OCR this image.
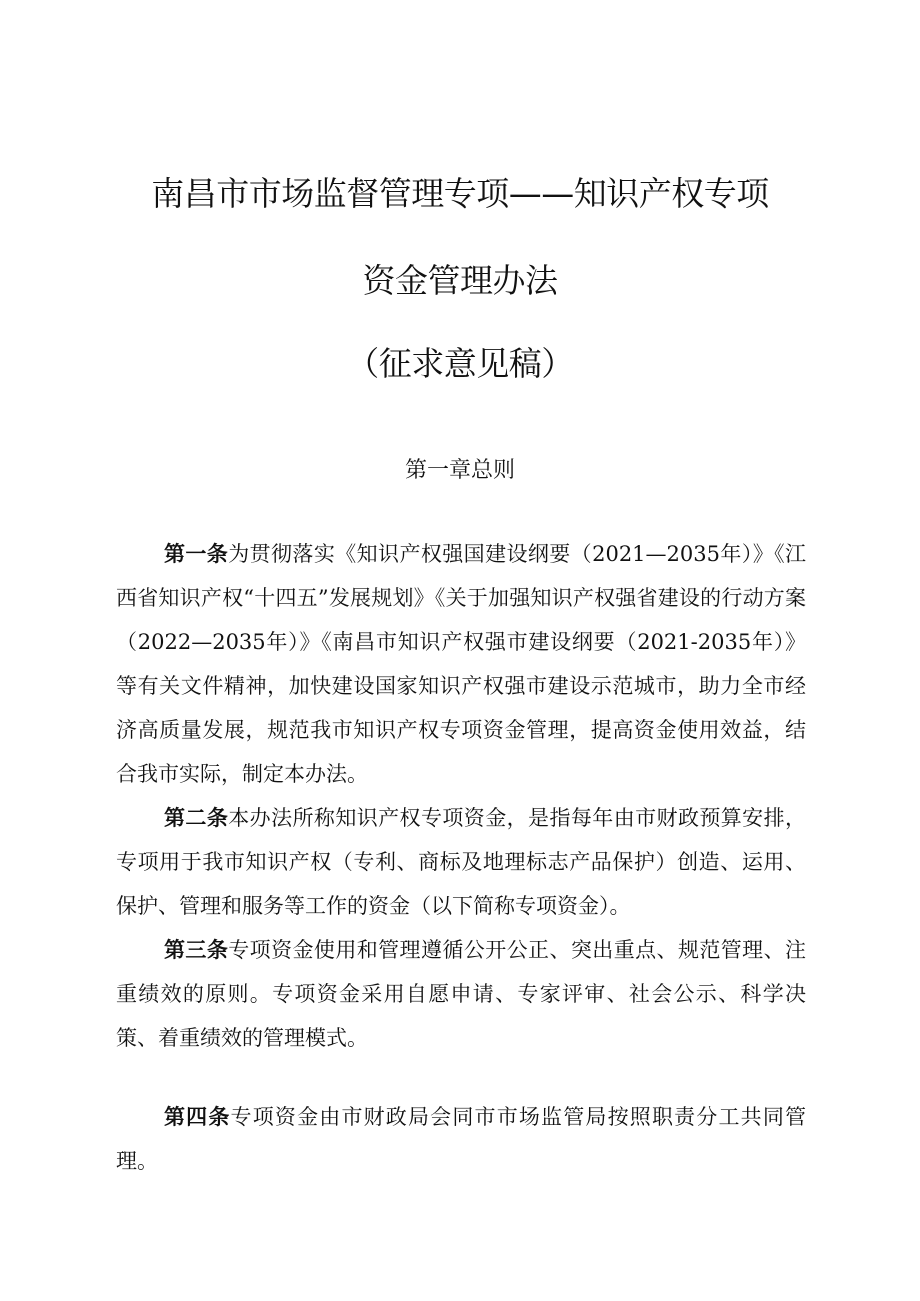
南昌市市场监督管理专项——知识产权专项
资金管理办法
（征求意见稿）
第一章总则

第一条为贯彻落实《知识产权强国建设纲要（2021—2035年）》《江西省知识产权“十四五”发展规划》《关于加强知识产权强省建设的行动方案（2022—2035年）》《南昌市知识产权强市建设纲要（2021-2035年）》等有关文件精神，加快建设国家知识产权强市建设示范城市，助力全市经济高质量发展，规范我市知识产权专项资金管理，提高资金使用效益，结合我市实际，制定本办法。

第二条本办法所称知识产权专项资金，是指每年由市财政预算安排，专项用于我市知识产权（专利、商标及地理标志产品保护）创造、运用、保护、管理和服务等工作的资金（以下简称专项资金）。

第三条专项资金使用和管理遵循公开公正、突出重点、规范管理、注重绩效的原则。专项资金采用自愿申请、专家评审、社会公示、科学决策、着重绩效的管理模式。

第四条专项资金由市财政局会同市市场监管局按照职责分工共同管理。
